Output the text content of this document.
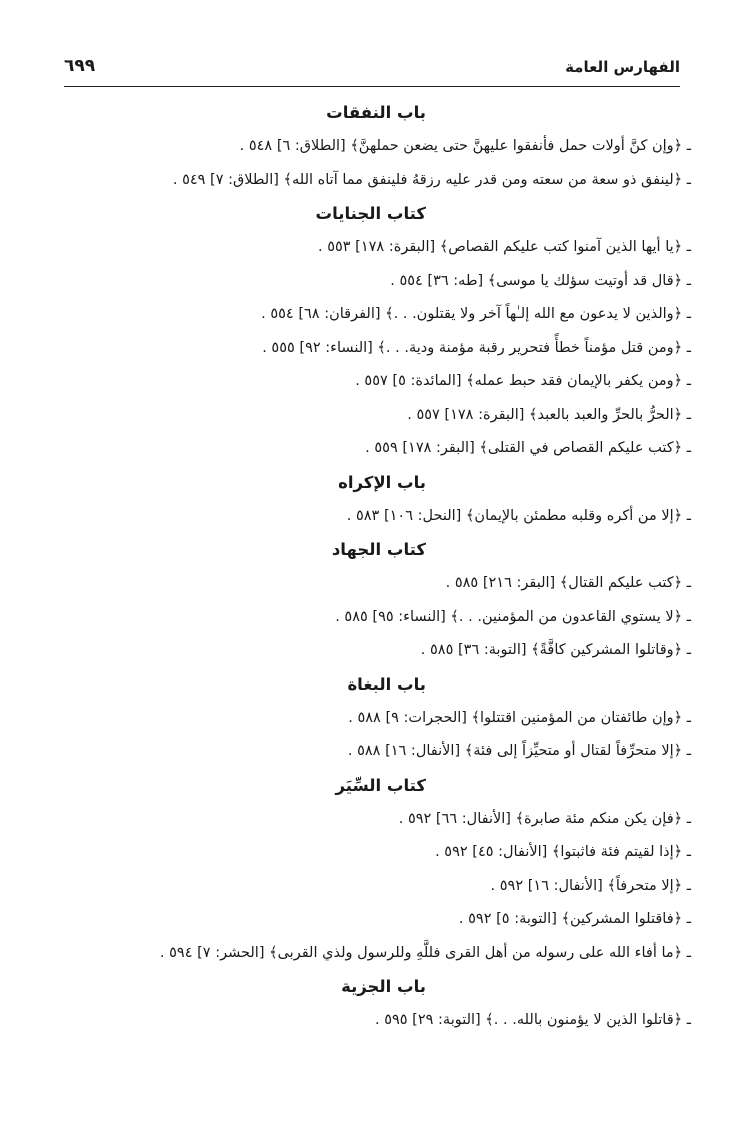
الفهارس العامة
٦٩٩
باب النفقات
ـ ﴿وإن كنَّ أولات حمل فأنفقوا عليهنَّ حتى يضعن حملهنَّ﴾ [الطلاق: ٦] ٥٤٨ .
ـ ﴿لينفق ذو سعة من سعته ومن قدر عليه رزقهُ فلينفق مما آتاه الله﴾ [الطلاق: ٧] ٥٤٩ .
كتاب الجنايات
ـ ﴿يا أيها الذين آمنوا كتب عليكم القصاص﴾ [البقرة: ١٧٨] ٥٥٣ .
ـ ﴿قال قد أوتيت سؤلك يا موسى﴾ [طه: ٣٦] ٥٥٤ .
ـ ﴿والذين لا يدعون مع الله إلـٰهاً آخر ولا يقتلون. . .﴾ [الفرقان: ٦٨] ٥٥٤ .
ـ ﴿ومن قتل مؤمناً خطأً فتحرير رقبة مؤمنة ودية. . .﴾ [النساء: ٩٢] ٥٥٥ .
ـ ﴿ومن يكفر بالإيمان فقد حبط عمله﴾ [المائدة: ٥] ٥٥٧ .
ـ ﴿الحرُّ بالحرِّ والعبد بالعبد﴾ [البقرة: ١٧٨] ٥٥٧ .
ـ ﴿كتب عليكم القصاص في القتلى﴾ [البقر: ١٧٨] ٥٥٩ .
باب الإكراه
ـ ﴿إلا من أكره وقلبه مطمئن بالإيمان﴾ [النحل: ١٠٦] ٥٨٣ .
كتاب الجهاد
ـ ﴿كتب عليكم القتال﴾ [البقر: ٢١٦] ٥٨٥ .
ـ ﴿لا يستوي القاعدون من المؤمنين. . .﴾ [النساء: ٩٥] ٥٨٥ .
ـ ﴿وقاتلوا المشركين كافَّةً﴾ [التوبة: ٣٦] ٥٨٥ .
باب البغاة
ـ ﴿وإن طائفتان من المؤمنين اقتتلوا﴾ [الحجرات: ٩] ٥٨٨ .
ـ ﴿إلا متحرِّفاً لقتال أو متحيِّزاً إلى فئة﴾ [الأنفال: ١٦] ٥٨٨ .
كتاب السِّيَر
ـ ﴿فإن يكن منكم مئة صابرة﴾ [الأنفال: ٦٦] ٥٩٢ .
ـ ﴿إذا لقيتم فئة فاثبتوا﴾ [الأنفال: ٤٥] ٥٩٢ .
ـ ﴿إلا متحرفاً﴾ [الأنفال: ١٦] ٥٩٢ .
ـ ﴿فاقتلوا المشركين﴾ [التوبة: ٥] ٥٩٢ .
ـ ﴿ما أفاء الله على رسوله من أهل القرى فللَّهِ وللرسول ولذي القربى﴾ [الحشر: ٧] ٥٩٤ .
باب الجزية
ـ ﴿قاتلوا الذين لا يؤمنون بالله. . .﴾ [التوبة: ٢٩] ٥٩٥ .
